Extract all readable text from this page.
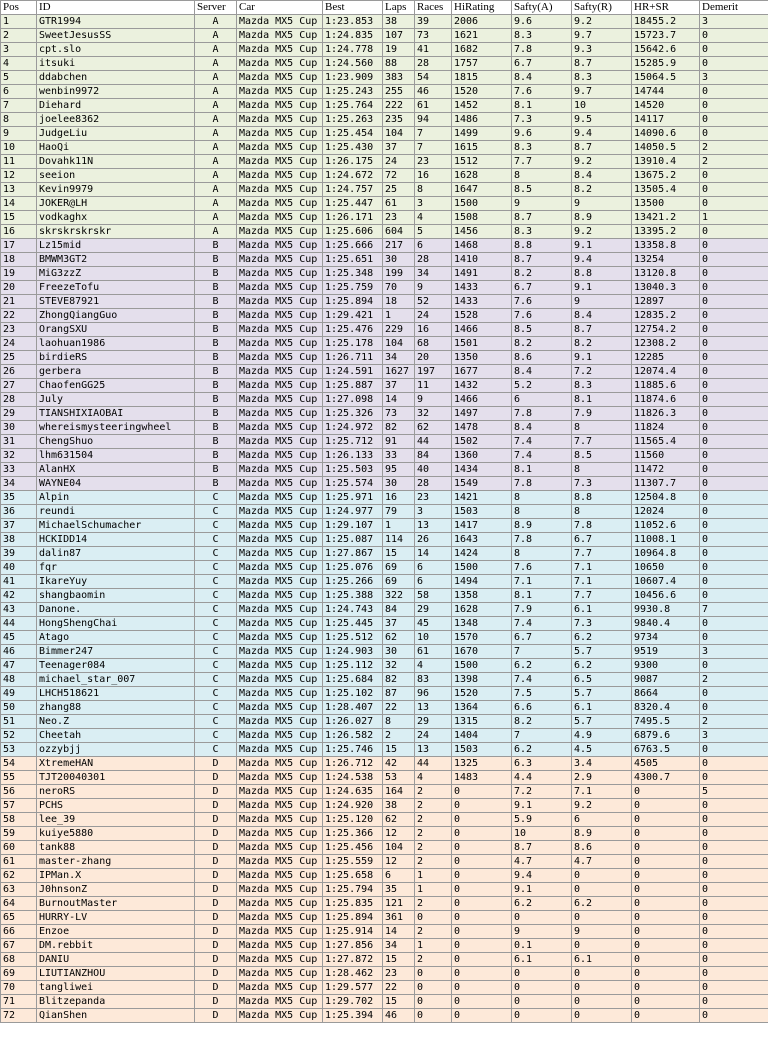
Pos	ID	Server	Car	Best	Laps	Races	HiRating	Safty(A)	Safty(R)	HR+SR	Demerit
1	GTR1994	A	Mazda MX5 Cup	1:23.853	38	39	2006	9.6	9.2	18455.2	3
2	SweetJesusSS	A	Mazda MX5 Cup	1:24.835	107	73	1621	8.3	9.7	15723.7	0
3	cpt.slo	A	Mazda MX5 Cup	1:24.778	19	41	1682	7.8	9.3	15642.6	0
4	itsuki	A	Mazda MX5 Cup	1:24.560	88	28	1757	6.7	8.7	15285.9	0
5	ddabchen	A	Mazda MX5 Cup	1:23.909	383	54	1815	8.4	8.3	15064.5	3
6	wenbin9972	A	Mazda MX5 Cup	1:25.243	255	46	1520	7.6	9.7	14744	0
7	Diehard	A	Mazda MX5 Cup	1:25.764	222	61	1452	8.1	10	14520	0
8	joelee8362	A	Mazda MX5 Cup	1:25.263	235	94	1486	7.3	9.5	14117	0
9	JudgeLiu	A	Mazda MX5 Cup	1:25.454	104	7	1499	9.6	9.4	14090.6	0
10	HaoQi	A	Mazda MX5 Cup	1:25.430	37	7	1615	8.3	8.7	14050.5	2
11	Dovahk11N	A	Mazda MX5 Cup	1:26.175	24	23	1512	7.7	9.2	13910.4	2
12	seeion	A	Mazda MX5 Cup	1:24.672	72	16	1628	8	8.4	13675.2	0
13	Kevin9979	A	Mazda MX5 Cup	1:24.757	25	8	1647	8.5	8.2	13505.4	0
14	JOKER@LH	A	Mazda MX5 Cup	1:25.447	61	3	1500	9	9	13500	0
15	vodkaghx	A	Mazda MX5 Cup	1:26.171	23	4	1508	8.7	8.9	13421.2	1
16	skrskrskrskr	A	Mazda MX5 Cup	1:25.606	604	5	1456	8.3	9.2	13395.2	0
17	Lz15mid	B	Mazda MX5 Cup	1:25.666	217	6	1468	8.8	9.1	13358.8	0
18	BMWM3GT2	B	Mazda MX5 Cup	1:25.651	30	28	1410	8.7	9.4	13254	0
19	MiG3zzZ	B	Mazda MX5 Cup	1:25.348	199	34	1491	8.2	8.8	13120.8	0
20	FreezeTofu	B	Mazda MX5 Cup	1:25.759	70	9	1433	6.7	9.1	13040.3	0
21	STEVE87921	B	Mazda MX5 Cup	1:25.894	18	52	1433	7.6	9	12897	0
22	ZhongQiangGuo	B	Mazda MX5 Cup	1:29.421	1	24	1528	7.6	8.4	12835.2	0
23	OrangSXU	B	Mazda MX5 Cup	1:25.476	229	16	1466	8.5	8.7	12754.2	0
24	laohuan1986	B	Mazda MX5 Cup	1:25.178	104	68	1501	8.2	8.2	12308.2	0
25	birdieRS	B	Mazda MX5 Cup	1:26.711	34	20	1350	8.6	9.1	12285	0
26	gerbera	B	Mazda MX5 Cup	1:24.591	1627	197	1677	8.4	7.2	12074.4	0
27	ChaofenGG25	B	Mazda MX5 Cup	1:25.887	37	11	1432	5.2	8.3	11885.6	0
28	July	B	Mazda MX5 Cup	1:27.098	14	9	1466	6	8.1	11874.6	0
29	TIANSHIXIAOBAI	B	Mazda MX5 Cup	1:25.326	73	32	1497	7.8	7.9	11826.3	0
30	whereismysteeringwheel	B	Mazda MX5 Cup	1:24.972	82	62	1478	8.4	8	11824	0
31	ChengShuo	B	Mazda MX5 Cup	1:25.712	91	44	1502	7.4	7.7	11565.4	0
32	lhm631504	B	Mazda MX5 Cup	1:26.133	33	84	1360	7.4	8.5	11560	0
33	AlanHX	B	Mazda MX5 Cup	1:25.503	95	40	1434	8.1	8	11472	0
34	WAYNE04	B	Mazda MX5 Cup	1:25.574	30	28	1549	7.8	7.3	11307.7	0
35	Alpin	C	Mazda MX5 Cup	1:25.971	16	23	1421	8	8.8	12504.8	0
36	reundi	C	Mazda MX5 Cup	1:24.977	79	3	1503	8	8	12024	0
37	MichaelSchumacher	C	Mazda MX5 Cup	1:29.107	1	13	1417	8.9	7.8	11052.6	0
38	HCKIDD14	C	Mazda MX5 Cup	1:25.087	114	26	1643	7.8	6.7	11008.1	0
39	dalin87	C	Mazda MX5 Cup	1:27.867	15	14	1424	8	7.7	10964.8	0
40	fqr	C	Mazda MX5 Cup	1:25.076	69	6	1500	7.6	7.1	10650	0
41	IkareYuy	C	Mazda MX5 Cup	1:25.266	69	6	1494	7.1	7.1	10607.4	0
42	shangbaomin	C	Mazda MX5 Cup	1:25.388	322	58	1358	8.1	7.7	10456.6	0
43	Danone.	C	Mazda MX5 Cup	1:24.743	84	29	1628	7.9	6.1	9930.8	7
44	HongShengChai	C	Mazda MX5 Cup	1:25.445	37	45	1348	7.4	7.3	9840.4	0
45	Atago	C	Mazda MX5 Cup	1:25.512	62	10	1570	6.7	6.2	9734	0
46	Bimmer247	C	Mazda MX5 Cup	1:24.903	30	61	1670	7	5.7	9519	3
47	Teenager084	C	Mazda MX5 Cup	1:25.112	32	4	1500	6.2	6.2	9300	0
48	michael_star_007	C	Mazda MX5 Cup	1:25.684	82	83	1398	7.4	6.5	9087	2
49	LHCH518621	C	Mazda MX5 Cup	1:25.102	87	96	1520	7.5	5.7	8664	0
50	zhang88	C	Mazda MX5 Cup	1:28.407	22	13	1364	6.6	6.1	8320.4	0
51	Neo.Z	C	Mazda MX5 Cup	1:26.027	8	29	1315	8.2	5.7	7495.5	2
52	Cheetah	C	Mazda MX5 Cup	1:26.582	2	24	1404	7	4.9	6879.6	3
53	ozzybjj	C	Mazda MX5 Cup	1:25.746	15	13	1503	6.2	4.5	6763.5	0
54	XtremeHAN	D	Mazda MX5 Cup	1:26.712	42	44	1325	6.3	3.4	4505	0
55	TJT20040301	D	Mazda MX5 Cup	1:24.538	53	4	1483	4.4	2.9	4300.7	0
56	neroRS	D	Mazda MX5 Cup	1:24.635	164	2	0	7.2	7.1	0	5
57	PCHS	D	Mazda MX5 Cup	1:24.920	38	2	0	9.1	9.2	0	0
58	lee_39	D	Mazda MX5 Cup	1:25.120	62	2	0	5.9	6	0	0
59	kuiye5880	D	Mazda MX5 Cup	1:25.366	12	2	0	10	8.9	0	0
60	tank88	D	Mazda MX5 Cup	1:25.456	104	2	0	8.7	8.6	0	0
61	master-zhang	D	Mazda MX5 Cup	1:25.559	12	2	0	4.7	4.7	0	0
62	IPMan.X	D	Mazda MX5 Cup	1:25.658	6	1	0	9.4	0	0	0
63	J0hnsonZ	D	Mazda MX5 Cup	1:25.794	35	1	0	9.1	0	0	0
64	BurnoutMaster	D	Mazda MX5 Cup	1:25.835	121	2	0	6.2	6.2	0	0
65	HURRY-LV	D	Mazda MX5 Cup	1:25.894	361	0	0	0	0	0	0
66	Enzoe	D	Mazda MX5 Cup	1:25.914	14	2	0	9	9	0	0
67	DM.rebbit	D	Mazda MX5 Cup	1:27.856	34	1	0	0.1	0	0	0
68	DANIU	D	Mazda MX5 Cup	1:27.872	15	2	0	6.1	6.1	0	0
69	LIUTIANZHOU	D	Mazda MX5 Cup	1:28.462	23	0	0	0	0	0	0
70	tangliwei	D	Mazda MX5 Cup	1:29.577	22	0	0	0	0	0	0
71	Blitzepanda	D	Mazda MX5 Cup	1:29.702	15	0	0	0	0	0	0
72	QianShen	D	Mazda MX5 Cup	1:25.394	46	0	0	0	0	0	0
